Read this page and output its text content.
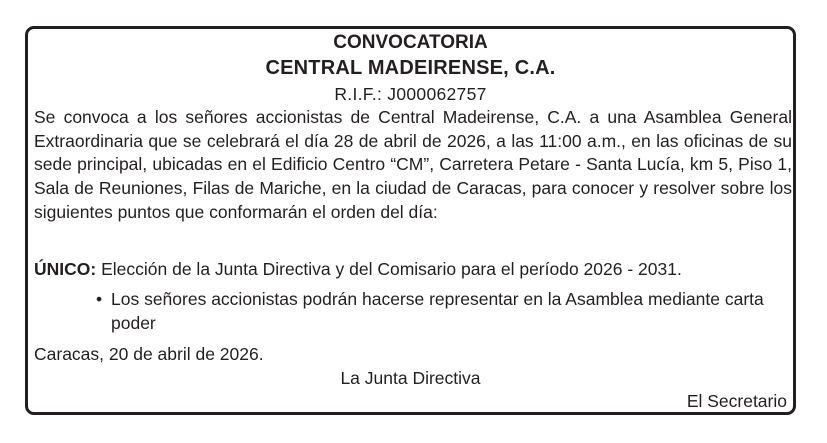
CONVOCATORIA
CENTRAL MADEIRENSE, C.A.
R.I.F.: J000062757

Se convoca a los señores accionistas de Central Madeirense, C.A. a una Asamblea General Extraordinaria que se celebrará el día 28 de abril de 2026, a las 11:00 a.m., en las oficinas de su sede principal, ubicadas en el Edificio Centro “CM”, Carretera Petare - Santa Lucía, km 5, Piso 1, Sala de Reuniones, Filas de Mariche, en la ciudad de Caracas, para conocer y resolver sobre los siguientes puntos que conformarán el orden del día:

ÚNICO: Elección de la Junta Directiva y del Comisario para el período 2026 - 2031.

• Los señores accionistas podrán hacerse representar en la Asamblea mediante carta poder

Caracas, 20 de abril de 2026.

La Junta Directiva
El Secretario
